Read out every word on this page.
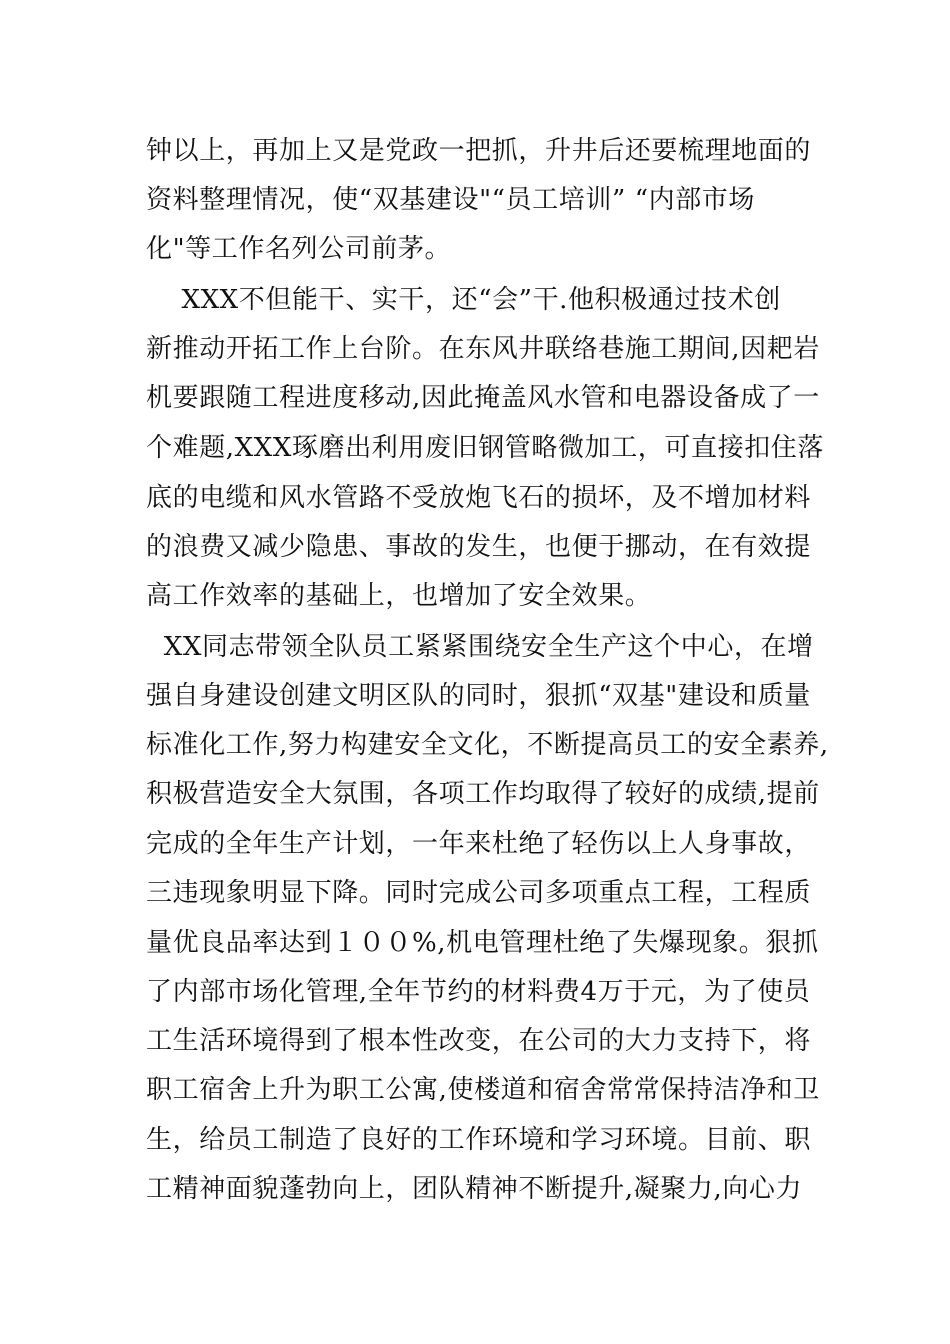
钟以上，再加上又是党政一把抓，升井后还要梳理地面的
资料整理情况，使“双基建设"“员工培训” “内部市场
化"等工作名列公司前茅。
XXX不但能干、实干，还“会”干.他积极通过技术创
新推动开拓工作上台阶。在东风井联络巷施工期间,因耙岩
机要跟随工程进度移动,因此掩盖风水管和电器设备成了一
个难题,XXX琢磨出利用废旧钢管略微加工，可直接扣住落
底的电缆和风水管路不受放炮飞石的损坏，及不增加材料
的浪费又减少隐患、事故的发生，也便于挪动，在有效提
高工作效率的基础上，也增加了安全效果。
XX同志带领全队员工紧紧围绕安全生产这个中心，在增
强自身建设创建文明区队的同时，狠抓“双基"建设和质量
标准化工作,努力构建安全文化，不断提高员工的安全素养,
积极营造安全大氛围，各项工作均取得了较好的成绩,提前
完成的全年生产计划，一年来杜绝了轻伤以上人身事故，
三违现象明显下降。同时完成公司多项重点工程，工程质
量优良品率达到１００%,机电管理杜绝了失爆现象。狠抓
了内部市场化管理,全年节约的材料费4万于元，为了使员
工生活环境得到了根本性改变，在公司的大力支持下，将
职工宿舍上升为职工公寓,使楼道和宿舍常常保持洁净和卫
生，给员工制造了良好的工作环境和学习环境。目前、职
工精神面貌蓬勃向上，团队精神不断提升,凝聚力,向心力
